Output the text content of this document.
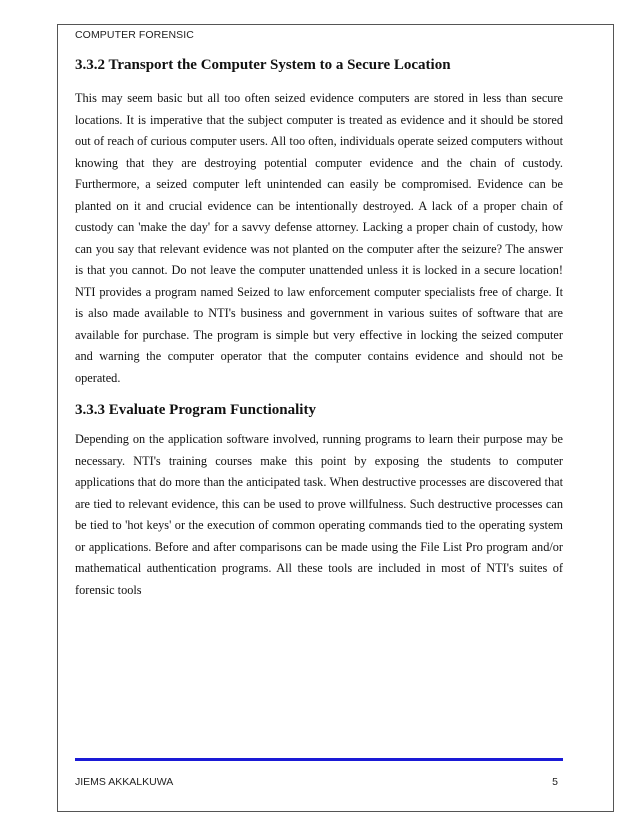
COMPUTER FORENSIC
3.3.2 Transport the Computer System to a Secure Location

This may seem basic but all too often seized evidence computers are stored in less than secure locations. It is imperative that the subject computer is treated as evidence and it should be stored out of reach of curious computer users. All too often, individuals operate seized computers without knowing that they are destroying potential computer evidence and the chain of custody. Furthermore, a seized computer left unintended can easily be compromised. Evidence can be planted on it and crucial evidence can be intentionally destroyed. A lack of a proper chain of custody can 'make the day' for a savvy defense attorney. Lacking a proper chain of custody, how can you say that relevant evidence was not planted on the computer after the seizure? The answer is that you cannot. Do not leave the computer unattended unless it is locked in a secure location! NTI provides a program named Seized to law enforcement computer specialists free of charge. It is also made available to NTI's business and government in various suites of software that are available for purchase. The program is simple but very effective in locking the seized computer and warning the computer operator that the computer contains evidence and should not be operated.

3.3.3 Evaluate Program Functionality

Depending on the application software involved, running programs to learn their purpose may be necessary. NTI's training courses make this point by exposing the students to computer applications that do more than the anticipated task. When destructive processes are discovered that are tied to relevant evidence, this can be used to prove willfulness. Such destructive processes can be tied to 'hot keys' or the execution of common operating commands tied to the operating system or applications. Before and after comparisons can be made using the File List Pro program and/or mathematical authentication programs. All these tools are included in most of NTI's suites of forensic tools

JIEMS AKKALKUWA	5
